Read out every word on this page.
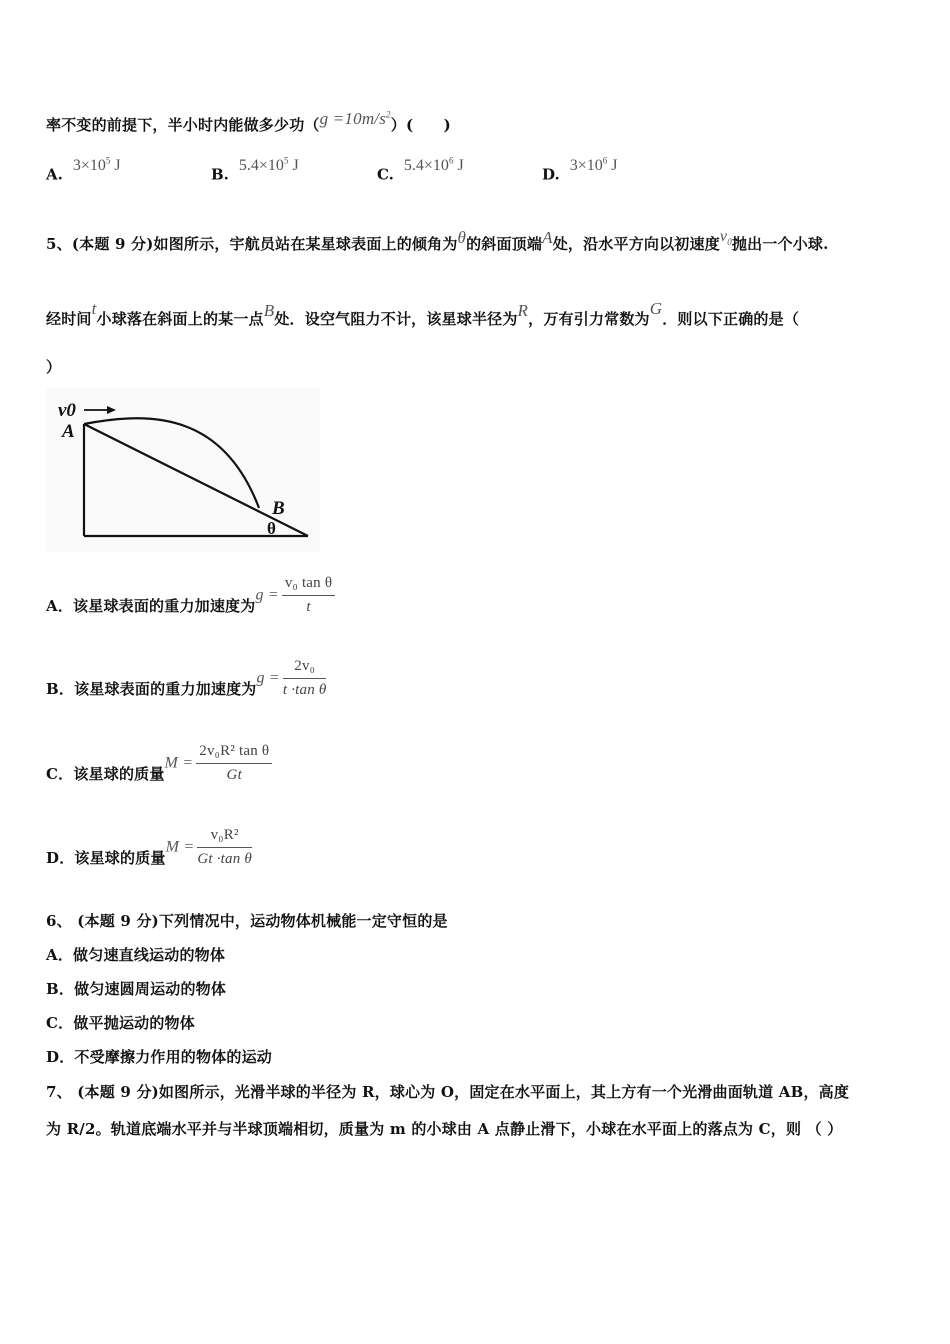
率不变的前提下，半小时内能做多少功$(g =10m/s^2)$(　　)
A. $3\times 10^5$ J	B. $5.4\times 10^5$ J	C. $5.4\times 10^6$ J	D. $3\times 10^6$ J
5、(本题 9 分)如图所示，宇航员站在某星球表面上的倾角为θ的斜面顶端A处，沿水平方向以初速度$v_0$抛出一个小球.
经时间t小球落在斜面上的某一点B处．设空气阻力不计，该星球半径为R，万有引力常数为G．则以下正确的是（
）
v0
A
B
θ
A．该星球表面的重力加速度为$g = \frac{\text{v₀ tan θ}}{t}$
B．该星球表面的重力加速度为$g = \frac{\text{2v₀}}{\text{t ·tan θ}}$
C．该星球的质量$M = \frac{\text{2v₀R² tan θ}}{Gt}$
D．该星球的质量$M = \frac{\text{v₀R²}}{\text{Gt ·tan θ}}$
6、 (本题 9 分)下列情况中，运动物体机械能一定守恒的是
A．做匀速直线运动的物体
B．做匀速圆周运动的物体
C．做平抛运动的物体
D．不受摩擦力作用的物体的运动
7、 (本题 9 分)如图所示，光滑半球的半径为 R，球心为 O，固定在水平面上，其上方有一个光滑曲面轨道 AB，高度
为 R/2。轨道底端水平并与半球顶端相切，质量为 m 的小球由 A 点静止滑下，小球在水平面上的落点为 C，则 （ ）
